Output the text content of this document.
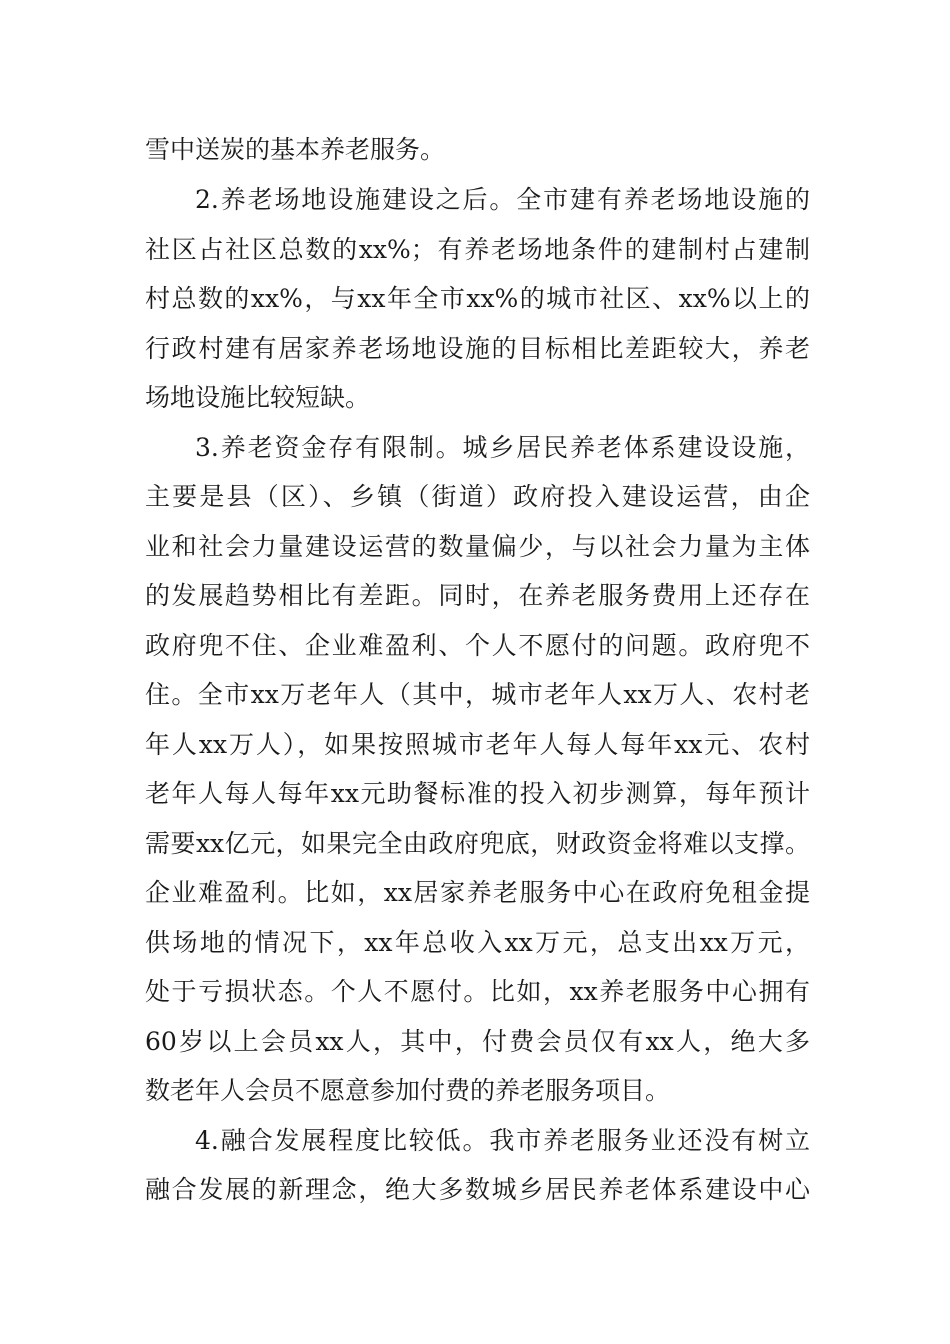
雪中送炭的基本养老服务。
2.养老场地设施建设之后。全市建有养老场地设施的
社区占社区总数的xx%；有养老场地条件的建制村占建制
村总数的xx%，与xx年全市xx%的城市社区、xx%以上的
行政村建有居家养老场地设施的目标相比差距较大，养老
场地设施比较短缺。
3.养老资金存有限制。城乡居民养老体系建设设施，
主要是县（区）、乡镇（街道）政府投入建设运营，由企
业和社会力量建设运营的数量偏少，与以社会力量为主体
的发展趋势相比有差距。同时，在养老服务费用上还存在
政府兜不住、企业难盈利、个人不愿付的问题。政府兜不
住。全市xx万老年人（其中，城市老年人xx万人、农村老
年人xx万人），如果按照城市老年人每人每年xx元、农村
老年人每人每年xx元助餐标准的投入初步测算，每年预计
需要xx亿元，如果完全由政府兜底，财政资金将难以支撑。
企业难盈利。比如，xx居家养老服务中心在政府免租金提
供场地的情况下，xx年总收入xx万元，总支出xx万元，
处于亏损状态。个人不愿付。比如，xx养老服务中心拥有
60岁以上会员xx人，其中，付费会员仅有xx人，绝大多
数老年人会员不愿意参加付费的养老服务项目。
4.融合发展程度比较低。我市养老服务业还没有树立
融合发展的新理念，绝大多数城乡居民养老体系建设中心
